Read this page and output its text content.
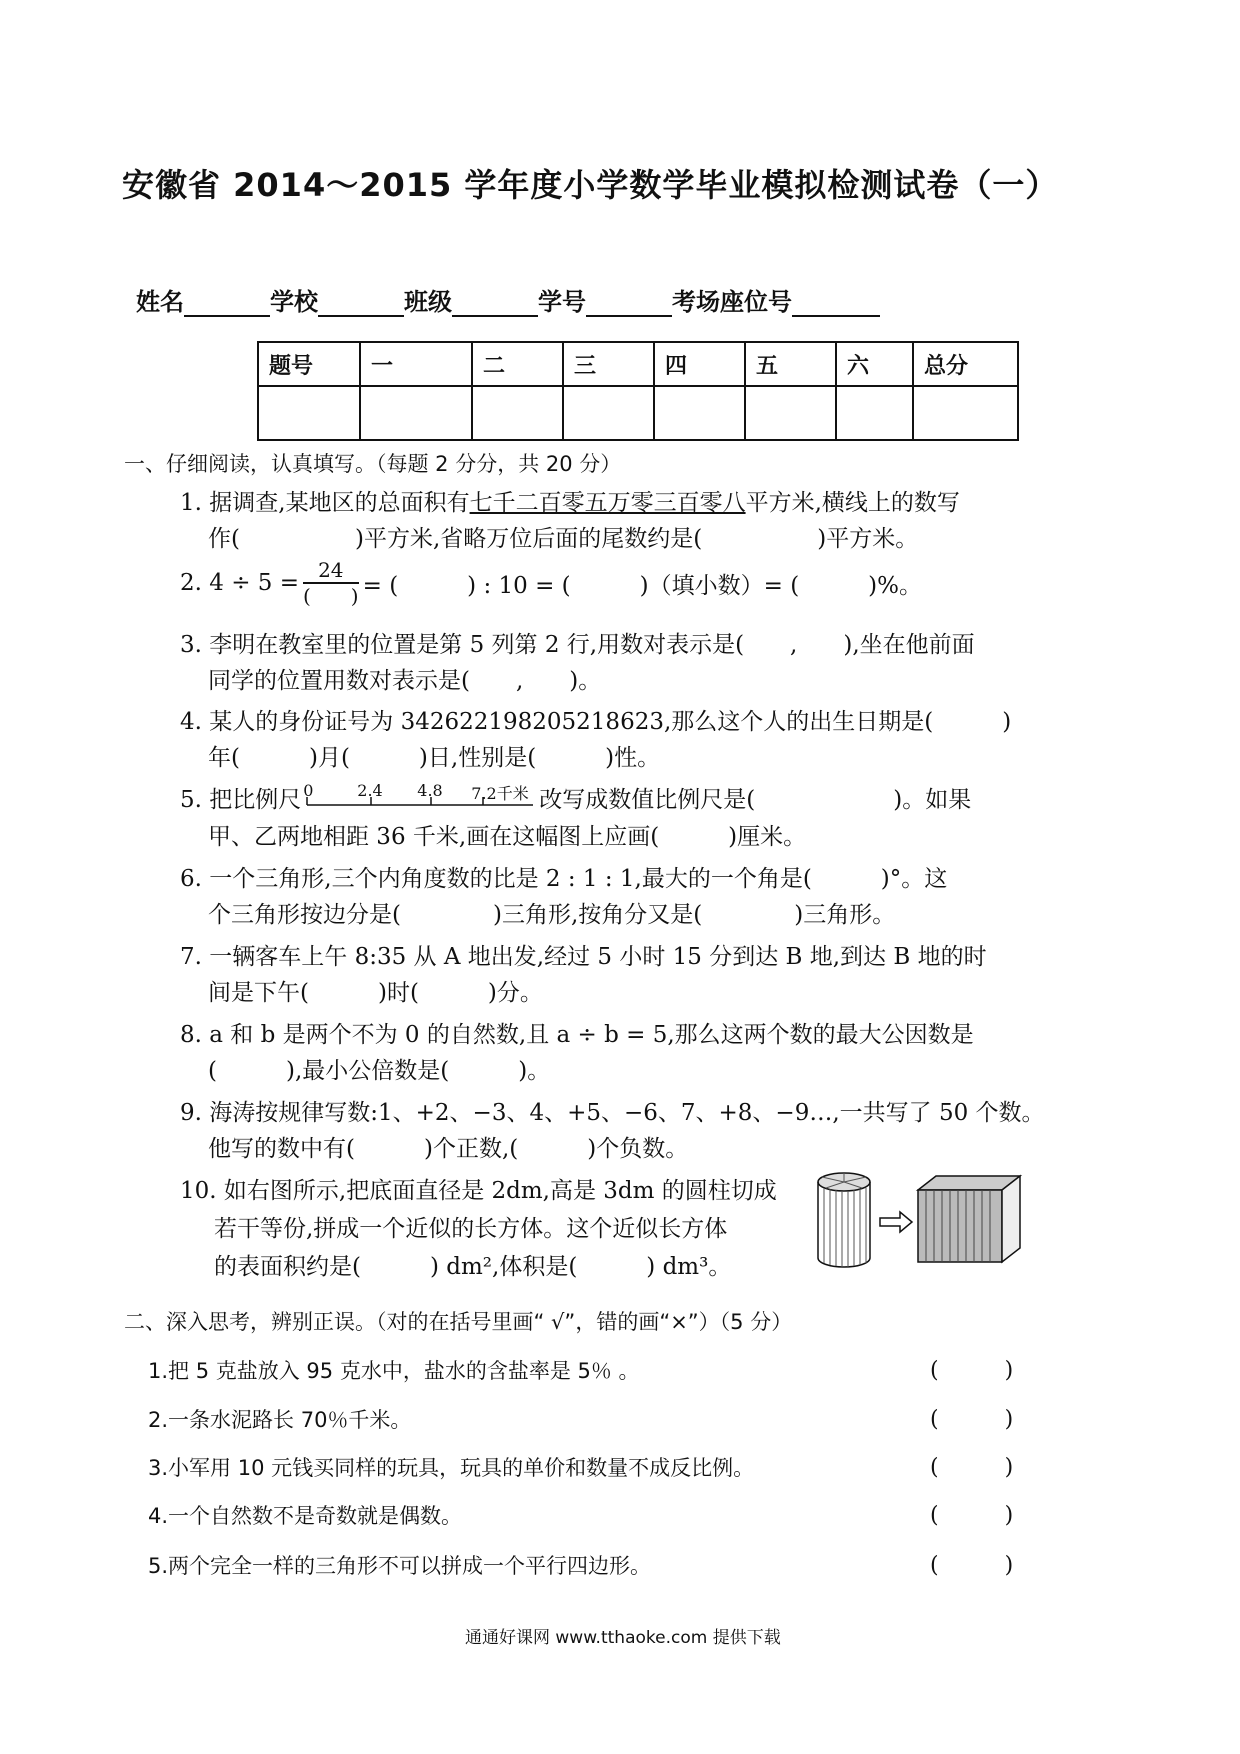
安徽省 2014～2015 学年度小学数学毕业模拟检测试卷（一）
姓名	学校	班级	学号	考场座位号
题号	一	二	三	四	五	六	总分

一、仔细阅读，认真填写。（每题 2 分分，共 20 分）
1. 据调查,某地区的总面积有七千二百零五万零三百零八平方米,横线上的数写
作(　　　　　)平方米,省略万位后面的尾数约是(　　　　　)平方米。
2. $4 \div 5 = \frac{24}{( )}$ = (　　　) : 10 = (　　　)（填小数）= (　　　)%。
3. 李明在教室里的位置是第 5 列第 2 行,用数对表示是(　　,　　),坐在他前面
同学的位置用数对表示是(　　,　　)。
4. 某人的身份证号为 342622198205218623,那么这个人的出生日期是(　　　)
年(　　　)月(　　　)日,性别是(　　　)性。
5. 把比例尺 0	2.4 4.8 7.2千米 改写成数值比例尺是(　　　　　　)。如果
甲、乙两地相距 36 千米,画在这幅图上应画(　　　)厘米。
6. 一个三角形,三个内角度数的比是 2 : 1 : 1,最大的一个角是(　　　)°。这
个三角形按边分是(　　　　)三角形,按角分又是(　　　　)三角形。
7. 一辆客车上午 8:35 从 A 地出发,经过 5 小时 15 分到达 B 地,到达 B 地的时
间是下午(　　　)时(　　　)分。
8. a 和 b 是两个不为 0 的自然数,且 a ÷ b = 5,那么这两个数的最大公因数是
(　　　),最小公倍数是(　　　)。
9. 海涛按规律写数:1、+2、−3、4、+5、−6、7、+8、−9…,一共写了 50 个数。
他写的数中有(　　　)个正数,(　　　)个负数。
10. 如右图所示,把底面直径是 2dm,高是 3dm 的圆柱切成
若干等份,拼成一个近似的长方体。这个近似长方体
的表面积约是(　　　) dm²,体积是(　　　) dm³。
二、深入思考，辨别正误。（对的在括号里画“ √”，错的画“×”）（5 分）
1.把 5 克盐放入 95 克水中，盐水的含盐率是 5％ 。	(　　　)
2.一条水泥路长 70％千米。	(　　　)
3.小军用 10 元钱买同样的玩具，玩具的单价和数量不成反比例。	(　　　)
4.一个自然数不是奇数就是偶数。	(　　　)
5.两个完全一样的三角形不可以拼成一个平行四边形。	(　　　)
通通好课网 www.tthaoke.com 提供下载
